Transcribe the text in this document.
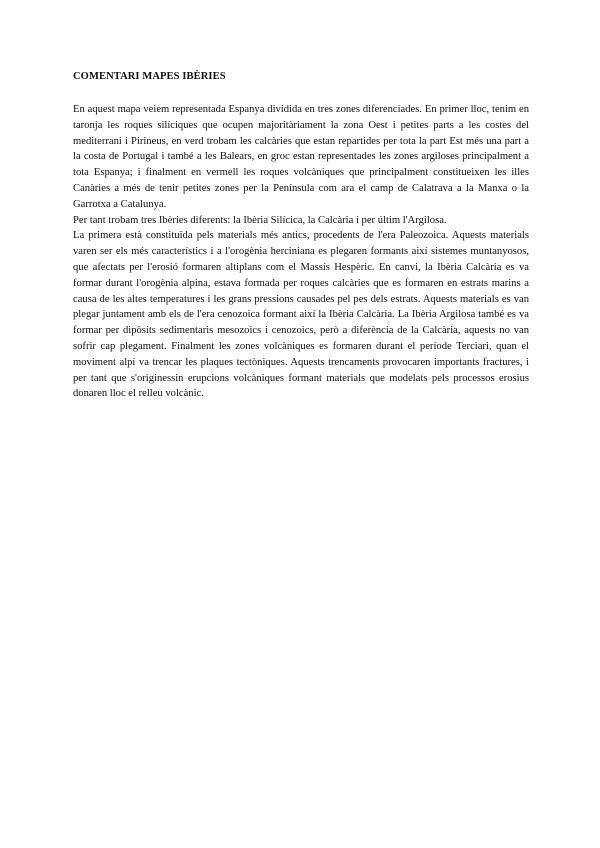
COMENTARI MAPES IBÈRIES

En aquest mapa veiem representada Espanya dividida en tres zones diferenciades. En primer lloc, tenim en taronja les roques silíciques que ocupen majoritàriament la zona Oest i petites parts a les costes del mediterrani i Pirineus, en verd trobam les calcàries que estan repartides per tota la part Est més una part a la costa de Portugal i també a les Balears, en groc estan representades les zones argiloses principalment a tota Espanya; i finalment en vermell les roques volcàniques que principalment constitueixen les illes Canàries a més de tenir petites zones per la Península com ara el camp de Calatrava a la Manxa o la Garrotxa a Catalunya.

Per tant trobam tres Ibèries diferents: la Ibèria Silícica, la Calcària i per últim l'Argilosa.

La primera està constituïda pels materials més antics, procedents de l'era Paleozoica. Aquests materials varen ser els més característics i a l'orogènia herciniana es plegaren formants així sistemes muntanyosos, que afectats per l'erosió formaren altiplans com el Massís Hespèric. En canvi, la Ibèria Calcària es va formar durant l'orogènia alpina, estava formada per roques calcàries que es formaren en estrats marins a causa de les altes temperatures i les grans pressions causades pel pes dels estrats. Aquests materials es van plegar juntament amb els de l'era cenozoica formant així la Ibèria Calcària. La Ibèria Argilosa també es va formar per dipòsits sedimentaris mesozoics i cenozoics, però a diferència de la Calcària, aquests no van sofrir cap plegament. Finalment les zones volcàniques es formaren durant el període Terciari, quan el moviment alpí va trencar les plaques tectòniques. Aquests trencaments provocaren importants fractures, i per tant que s'originessin erupcions volcàniques formant materials que modelats pels processos erosius donaren lloc el relleu volcànic.
